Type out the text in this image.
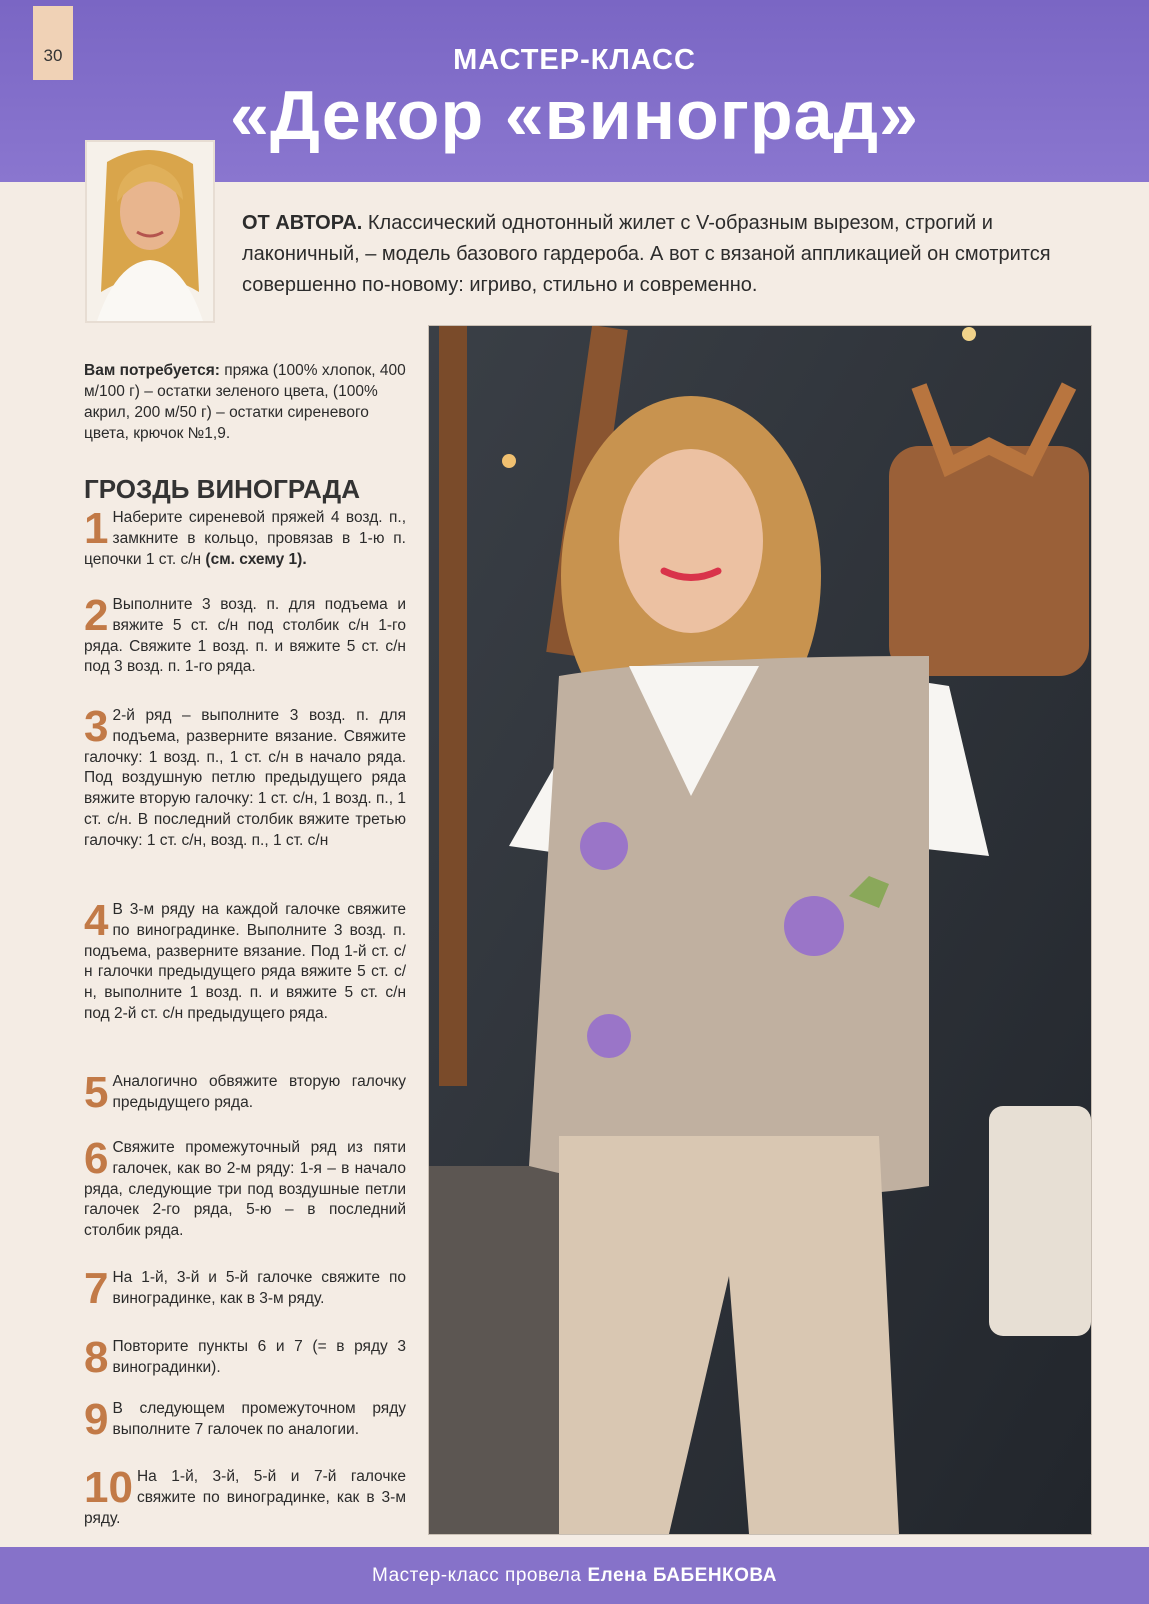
30	МАСТЕР-КЛАСС
«Декор «виноград»
ОТ АВТОРА. Классический однотонный жилет с V-образным вырезом, строгий и лаконичный, – модель базового гардероба. А вот с вязаной аппликацией он смотрится совершенно по-новому: игриво, стильно и современно.
Вам потребуется: пряжа (100% хлопок, 400 м/100 г) – остатки зеленого цвета, (100% акрил, 200 м/50 г) – остатки сиреневого цвета, крючок №1,9.
ГРОЗДЬ ВИНОГРАДА
1 Наберите сиреневой пряжей 4 возд. п., замкните в кольцо, провязав в 1-ю п. цепочки 1 ст. с/н (см. схему 1).
2 Выполните 3 возд. п. для подъема и вяжите 5 ст. с/н под столбик с/н 1-го ряда. Свяжите 1 возд. п. и вяжите 5 ст. с/н под 3 возд. п. 1-го ряда.
3 2-й ряд – выполните 3 возд. п. для подъема, разверните вязание. Свяжите галочку: 1 возд. п., 1 ст. с/н в начало ряда. Под воздушную петлю предыдущего ряда вяжите вторую галочку: 1 ст. с/н, 1 возд. п., 1 ст. с/н. В последний столбик вяжите третью галочку: 1 ст. с/н, возд. п., 1 ст. с/н
4 В 3-м ряду на каждой галочке свяжите по виноградинке. Выполните 3 возд. п. подъема, разверните вязание. Под 1-й ст. с/н галочки предыдущего ряда вяжите 5 ст. с/н, выполните 1 возд. п. и вяжите 5 ст. с/н под 2-й ст. с/н предыдущего ряда.
5 Аналогично обвяжите вторую галочку предыдущего ряда.
6 Свяжите промежуточный ряд из пяти галочек, как во 2-м ряду: 1-я – в начало ряда, следующие три под воздушные петли галочек 2-го ряда, 5-ю – в последний столбик ряда.
7 На 1-й, 3-й и 5-й галочке свяжите по виноградинке, как в 3-м ряду.
8 Повторите пункты 6 и 7 (= в ряду 3 виноградинки).
9 В следующем промежуточном ряду выполните 7 галочек по аналогии.
10 На 1-й, 3-й, 5-й и 7-й галочке свяжите по виноградинке, как в 3-м ряду.
Мастер-класс провела Елена БАБЕНКОВА
